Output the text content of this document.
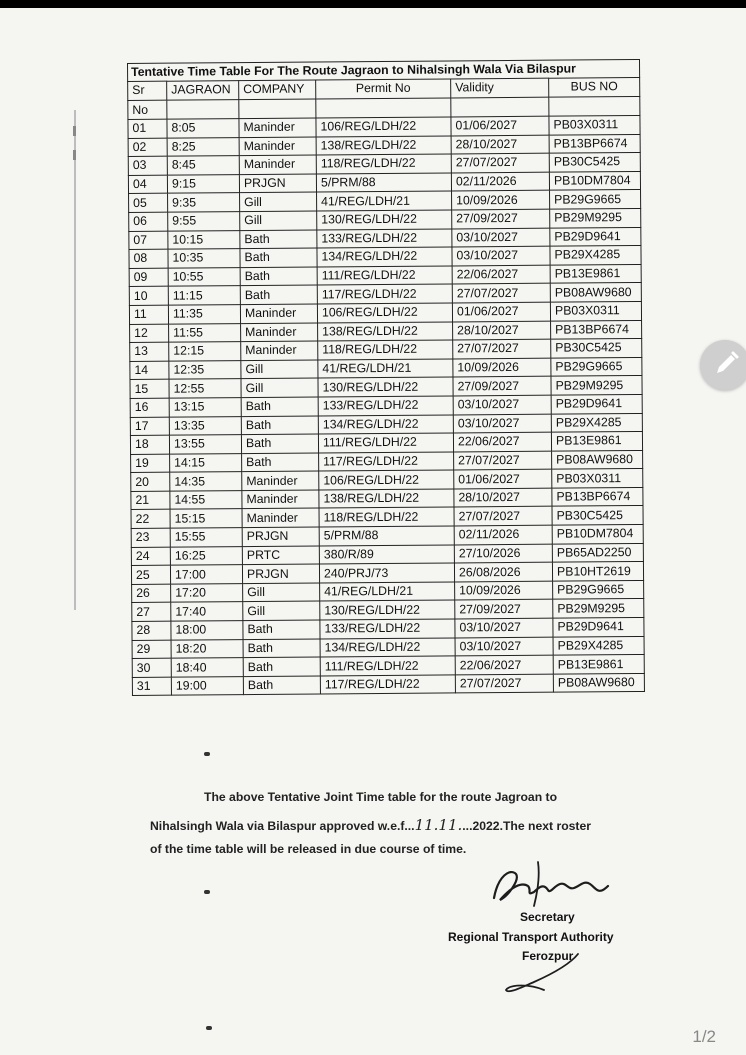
Tentative Time Table For The Route Jagraon to Nihalsingh Wala Via Bilaspur					
Sr	JAGRAON	COMPANY	Permit No	Validity	BUS NO
No					
01	8:05	Maninder	106/REG/LDH/22	01/06/2027	PB03X0311
02	8:25	Maninder	138/REG/LDH/22	28/10/2027	PB13BP6674
03	8:45	Maninder	118/REG/LDH/22	27/07/2027	PB30C5425
04	9:15	PRJGN	5/PRM/88	02/11/2026	PB10DM7804
05	9:35	Gill	41/REG/LDH/21	10/09/2026	PB29G9665
06	9:55	Gill	130/REG/LDH/22	27/09/2027	PB29M9295
07	10:15	Bath	133/REG/LDH/22	03/10/2027	PB29D9641
08	10:35	Bath	134/REG/LDH/22	03/10/2027	PB29X4285
09	10:55	Bath	111/REG/LDH/22	22/06/2027	PB13E9861
10	11:15	Bath	117/REG/LDH/22	27/07/2027	PB08AW9680
11	11:35	Maninder	106/REG/LDH/22	01/06/2027	PB03X0311
12	11:55	Maninder	138/REG/LDH/22	28/10/2027	PB13BP6674
13	12:15	Maninder	118/REG/LDH/22	27/07/2027	PB30C5425
14	12:35	Gill	41/REG/LDH/21	10/09/2026	PB29G9665
15	12:55	Gill	130/REG/LDH/22	27/09/2027	PB29M9295
16	13:15	Bath	133/REG/LDH/22	03/10/2027	PB29D9641
17	13:35	Bath	134/REG/LDH/22	03/10/2027	PB29X4285
18	13:55	Bath	111/REG/LDH/22	22/06/2027	PB13E9861
19	14:15	Bath	117/REG/LDH/22	27/07/2027	PB08AW9680
20	14:35	Maninder	106/REG/LDH/22	01/06/2027	PB03X0311
21	14:55	Maninder	138/REG/LDH/22	28/10/2027	PB13BP6674
22	15:15	Maninder	118/REG/LDH/22	27/07/2027	PB30C5425
23	15:55	PRJGN	5/PRM/88	02/11/2026	PB10DM7804
24	16:25	PRTC	380/R/89	27/10/2026	PB65AD2250
25	17:00	PRJGN	240/PRJ/73	26/08/2026	PB10HT2619
26	17:20	Gill	41/REG/LDH/21	10/09/2026	PB29G9665
27	17:40	Gill	130/REG/LDH/22	27/09/2027	PB29M9295
28	18:00	Bath	133/REG/LDH/22	03/10/2027	PB29D9641
29	18:20	Bath	134/REG/LDH/22	03/10/2027	PB29X4285
30	18:40	Bath	111/REG/LDH/22	22/06/2027	PB13E9861
31	19:00	Bath	117/REG/LDH/22	27/07/2027	PB08AW9680
The above Tentative Joint Time table for the route Jagroan to
Nihalsingh Wala via Bilaspur approved w.e.f...11.11....2022.The next roster
of the time table will be released in due course of time.
Secretary
Regional Transport Authority
Ferozpur
1/2
